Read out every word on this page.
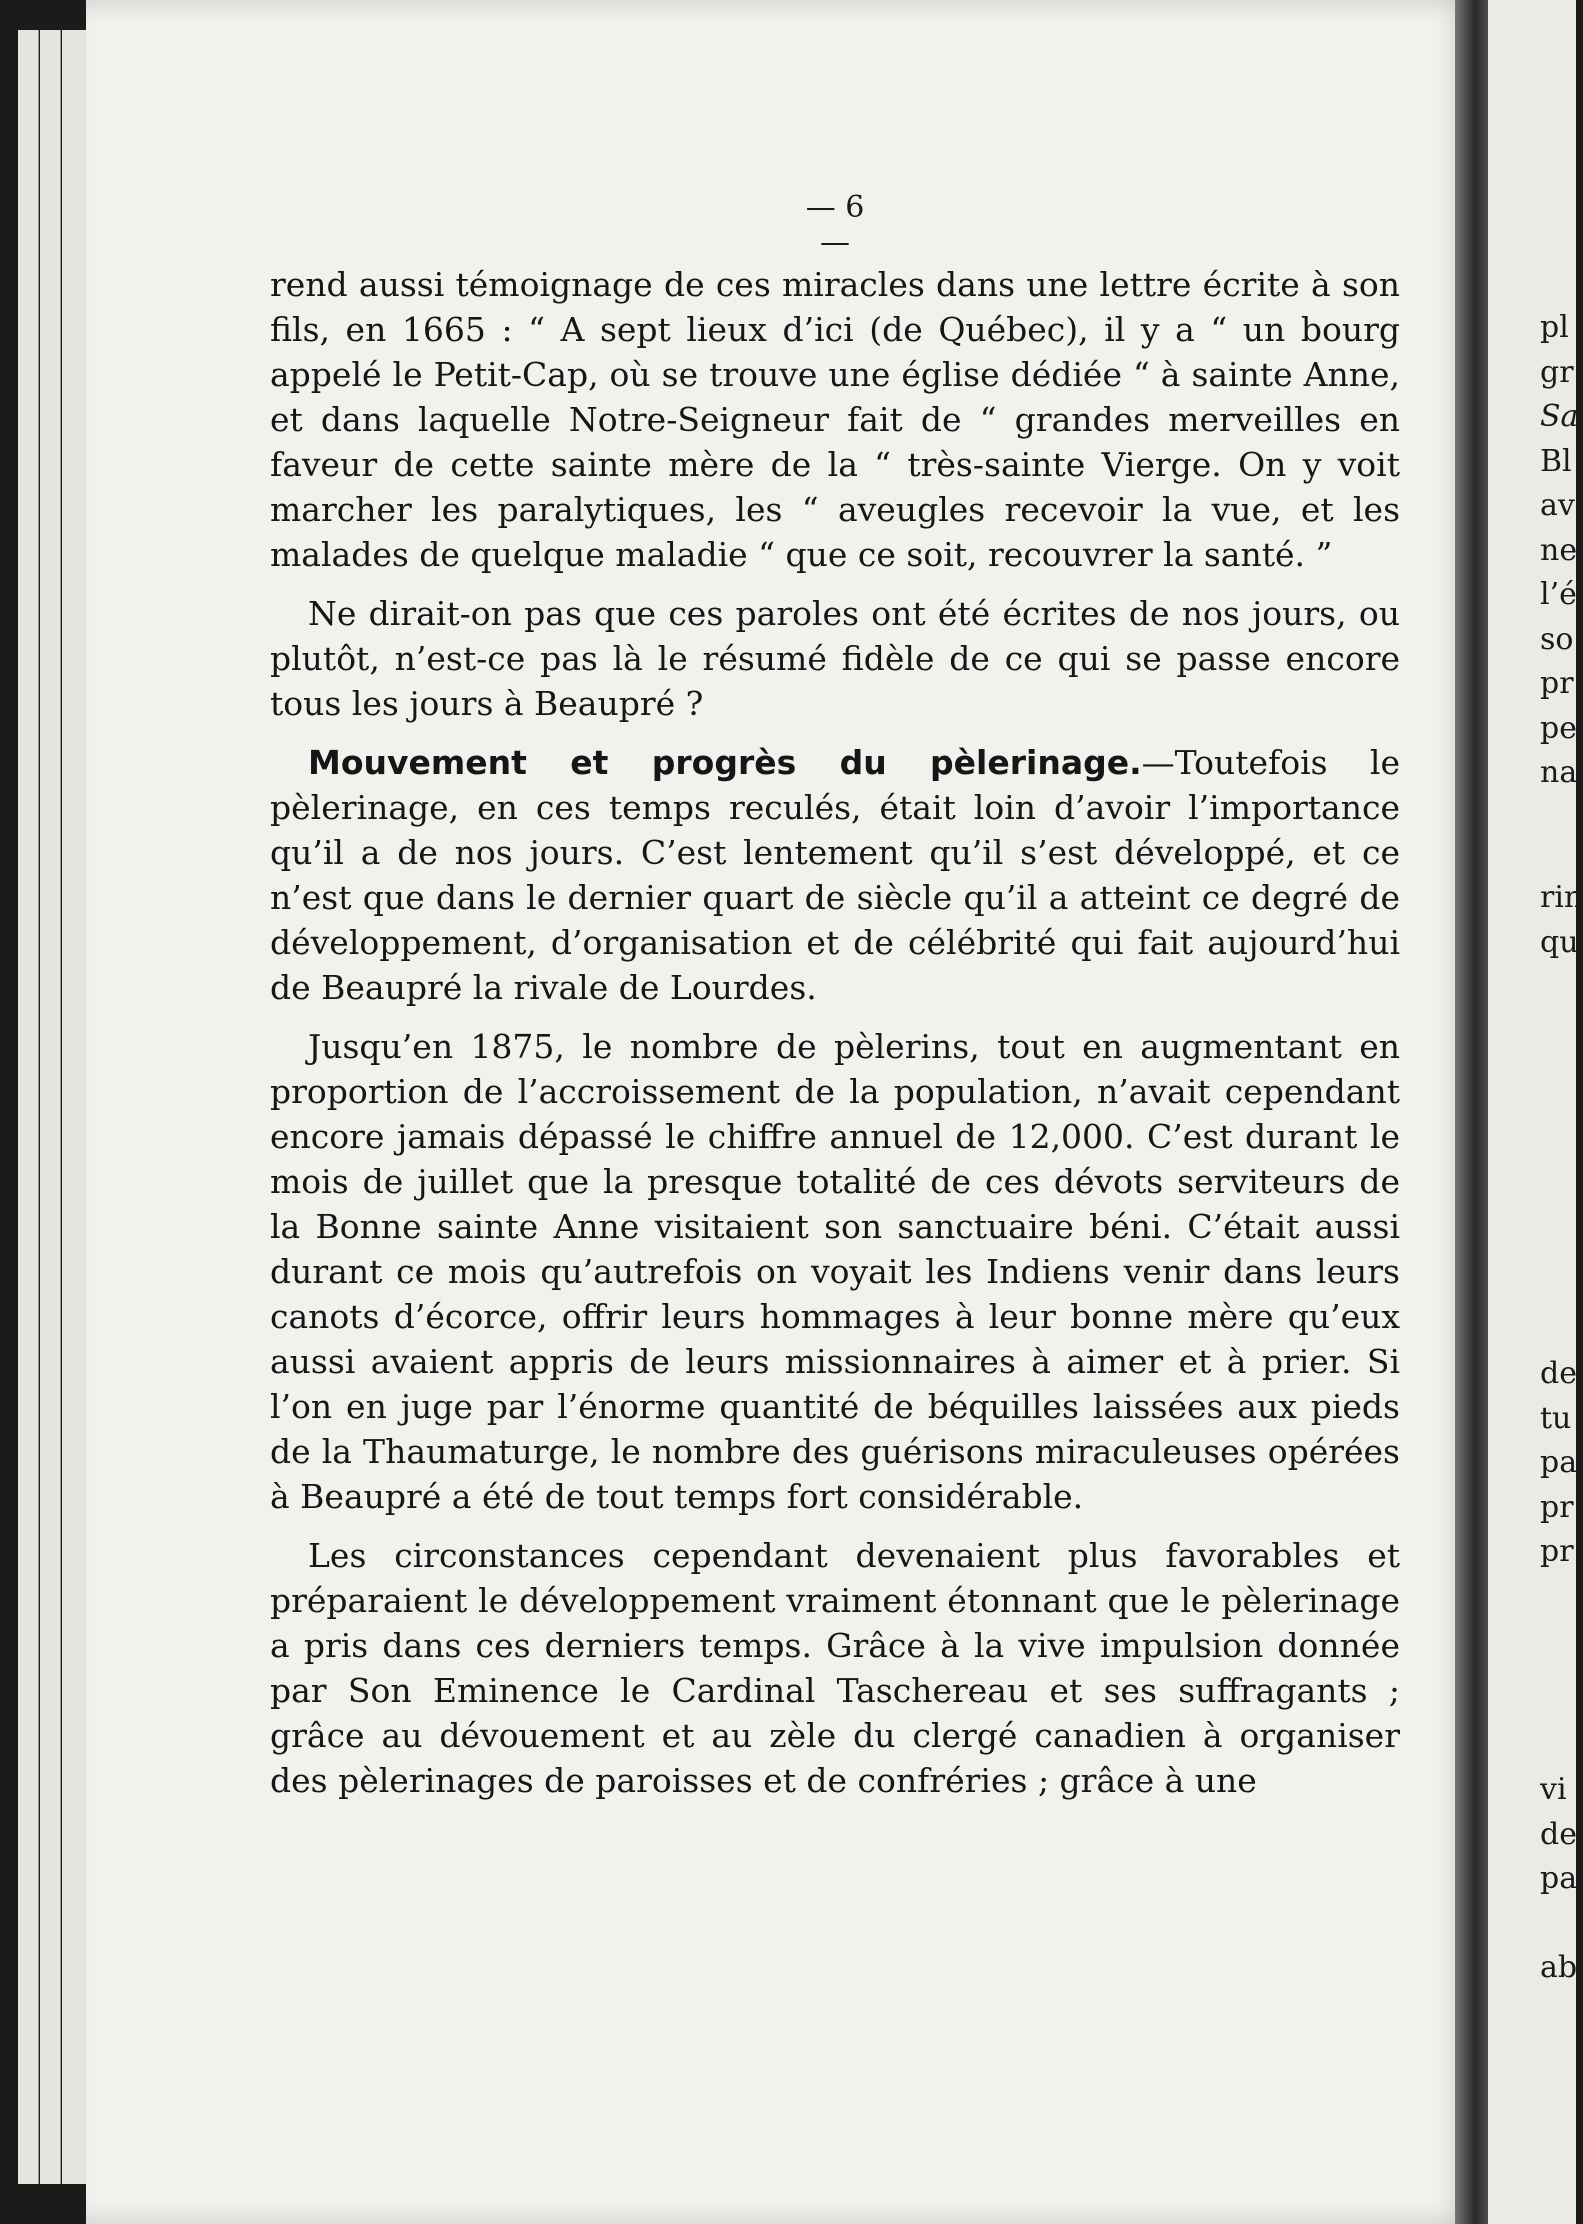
— 6 —

rend aussi témoignage de ces miracles dans une lettre écrite à son fils, en 1665 : “ A sept lieux d’ici (de Québec), il y a “ un bourg appelé le Petit-Cap, où se trouve une église dédiée “ à sainte Anne, et dans laquelle Notre-Seigneur fait de “ grandes merveilles en faveur de cette sainte mère de la “ très-sainte Vierge. On y voit marcher les paralytiques, les “ aveugles recevoir la vue, et les malades de quelque maladie “ que ce soit, recouvrer la santé. ”

Ne dirait-on pas que ces paroles ont été écrites de nos jours, ou plutôt, n’est-ce pas là le résumé fidèle de ce qui se passe encore tous les jours à Beaupré ?

Mouvement et progrès du pèlerinage.—Toutefois le pèlerinage, en ces temps reculés, était loin d’avoir l’importance qu’il a de nos jours. C’est lentement qu’il s’est développé, et ce n’est que dans le dernier quart de siècle qu’il a atteint ce degré de développement, d’organisation et de célébrité qui fait aujourd’hui de Beaupré la rivale de Lourdes.

Jusqu’en 1875, le nombre de pèlerins, tout en augmentant en proportion de l’accroissement de la population, n’avait cependant encore jamais dépassé le chiffre annuel de 12,000. C’est durant le mois de juillet que la presque totalité de ces dévots serviteurs de la Bonne sainte Anne visitaient son sanctuaire béni. C’était aussi durant ce mois qu’autrefois on voyait les Indiens venir dans leurs canots d’écorce, offrir leurs hommages à leur bonne mère qu’eux aussi avaient appris de leurs missionnaires à aimer et à prier. Si l’on en juge par l’énorme quantité de béquilles laissées aux pieds de la Thaumaturge, le nombre des guérisons miraculeuses opérées à Beaupré a été de tout temps fort considérable.

Les circonstances cependant devenaient plus favorables et préparaient le développement vraiment étonnant que le pèlerinage a pris dans ces derniers temps. Grâce à la vive impulsion donnée par Son Eminence le Cardinal Taschereau et ses suffragants ; grâce au dévouement et au zèle du clergé canadien à organiser des pèlerinages de paroisses et de confréries ; grâce à une

pl
gr
Sa
Bl
av
ne
l’é
so
pr
pe
na
rin
qu
de
tu
pa
pr
pr
vi
de
pa
ab
